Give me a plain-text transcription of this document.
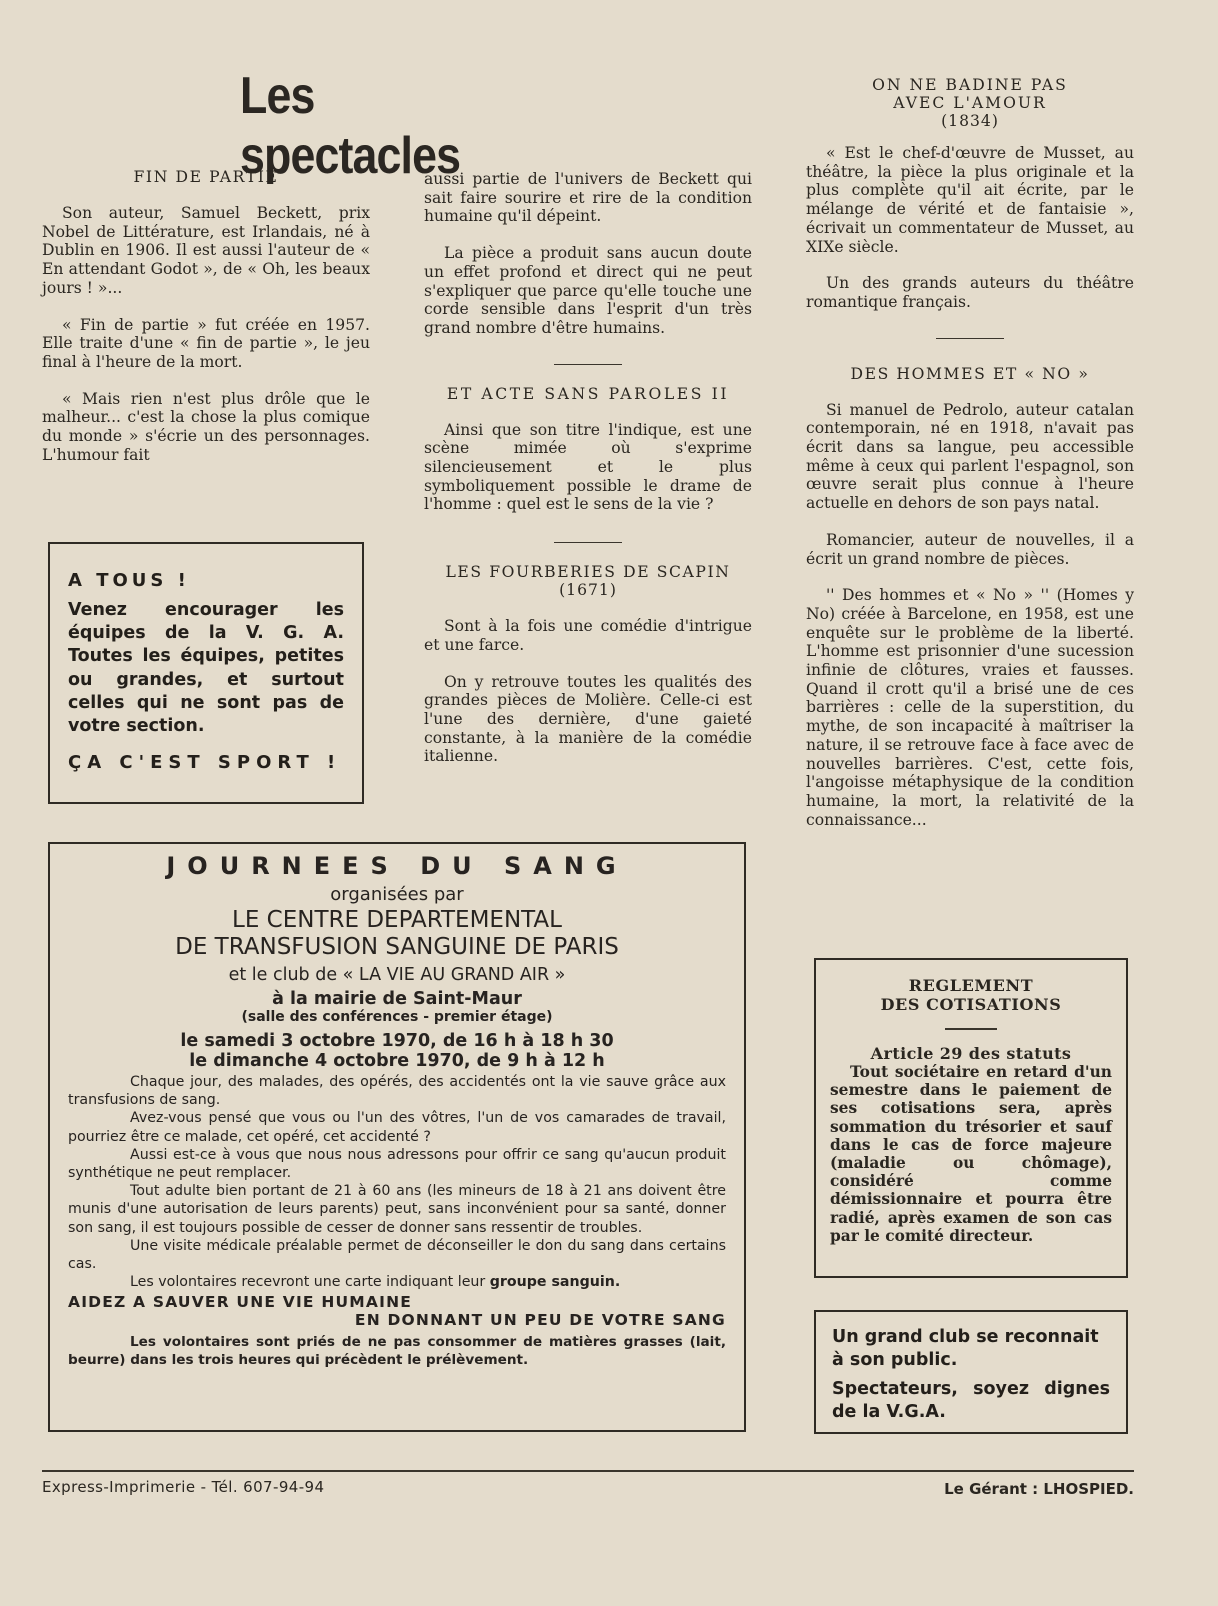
Les spectacles

FIN DE PARTIE

Son auteur, Samuel Beckett, prix Nobel de Littérature, est Irlandais, né à Dublin en 1906. Il est aussi l'auteur de « En attendant Godot », de « Oh, les beaux jours ! »...

« Fin de partie » fut créée en 1957. Elle traite d'une « fin de partie », le jeu final à l'heure de la mort.

« Mais rien n'est plus drôle que le malheur... c'est la chose la plus comique du monde » s'écrie un des personnages. L'humour fait

A TOUS !
Venez encourager les équipes de la V. G. A. Toutes les équipes, petites ou grandes, et surtout celles qui ne sont pas de votre section.
ÇA C'EST SPORT !

aussi partie de l'univers de Beckett qui sait faire sourire et rire de la condition humaine qu'il dépeint.

La pièce a produit sans aucun doute un effet profond et direct qui ne peut s'expliquer que parce qu'elle touche une corde sensible dans l'esprit d'un très grand nombre d'être humains.

ET ACTE SANS PAROLES II

Ainsi que son titre l'indique, est une scène mimée où s'exprime silencieusement et le plus symboliquement possible le drame de l'homme : quel est le sens de la vie ?

LES FOURBERIES DE SCAPIN

(1671)

Sont à la fois une comédie d'intrigue et une farce.

On y retrouve toutes les qualités des grandes pièces de Molière. Celle-ci est l'une des dernière, d'une gaieté constante, à la manière de la comédie italienne.

ON NE BADINE PAS

AVEC L'AMOUR

(1834)

« Est le chef-d'œuvre de Musset, au théâtre, la pièce la plus originale et la plus complète qu'il ait écrite, par le mélange de vérité et de fantaisie », écrivait un commentateur de Musset, au XIXe siècle.

Un des grands auteurs du théâtre romantique français.

DES HOMMES ET « NO »

Si manuel de Pedrolo, auteur catalan contemporain, né en 1918, n'avait pas écrit dans sa langue, peu accessible même à ceux qui parlent l'espagnol, son œuvre serait plus connue à l'heure actuelle en dehors de son pays natal.

Romancier, auteur de nouvelles, il a écrit un grand nombre de pièces.

'' Des hommes et « No » '' (Homes y No) créée à Barcelone, en 1958, est une enquête sur le problème de la liberté. L'homme est prisonnier d'une sucession infinie de clôtures, vraies et fausses. Quand il crott qu'il a brisé une de ces barrières : celle de la superstition, du mythe, de son incapacité à maîtriser la nature, il se retrouve face à face avec de nouvelles barrières. C'est, cette fois, l'angoisse métaphysique de la condition humaine, la mort, la relativité de la connaissance...

JOURNEES DU SANG

organisées par

LE CENTRE DEPARTEMENTAL

DE TRANSFUSION SANGUINE DE PARIS

et le club de « LA VIE AU GRAND AIR »

à la mairie de Saint-Maur

(salle des conférences - premier étage)

le samedi 3 octobre 1970, de 16 h à 18 h 30

le dimanche 4 octobre 1970, de 9 h à 12 h

Chaque jour, des malades, des opérés, des accidentés ont la vie sauve grâce aux transfusions de sang.

Avez-vous pensé que vous ou l'un des vôtres, l'un de vos camarades de travail, pourriez être ce malade, cet opéré, cet accidenté ?

Aussi est-ce à vous que nous nous adressons pour offrir ce sang qu'aucun produit synthétique ne peut remplacer.

Tout adulte bien portant de 21 à 60 ans (les mineurs de 18 à 21 ans doivent être munis d'une autorisation de leurs parents) peut, sans inconvénient pour sa santé, donner son sang, il est toujours possible de cesser de donner sans ressentir de troubles.

Une visite médicale préalable permet de déconseiller le don du sang dans certains cas.

Les volontaires recevront une carte indiquant leur groupe sanguin.

AIDEZ A SAUVER UNE VIE HUMAINE

EN DONNANT UN PEU DE VOTRE SANG

Les volontaires sont priés de ne pas consommer de matières grasses (lait, beurre) dans les trois heures qui précèdent le prélèvement.

REGLEMENT

DES COTISATIONS

Article 29 des statuts

Tout sociétaire en retard d'un semestre dans le paiement de ses cotisations sera, après sommation du trésorier et sauf dans le cas de force majeure (maladie ou chômage), considéré comme démissionnaire et pourra être radié, après examen de son cas par le comité directeur.

Un grand club se reconnait à son public.

Spectateurs, soyez dignes de la V.G.A.

Express-Imprimerie - Tél. 607-94-94	Le Gérant : LHOSPIED.
